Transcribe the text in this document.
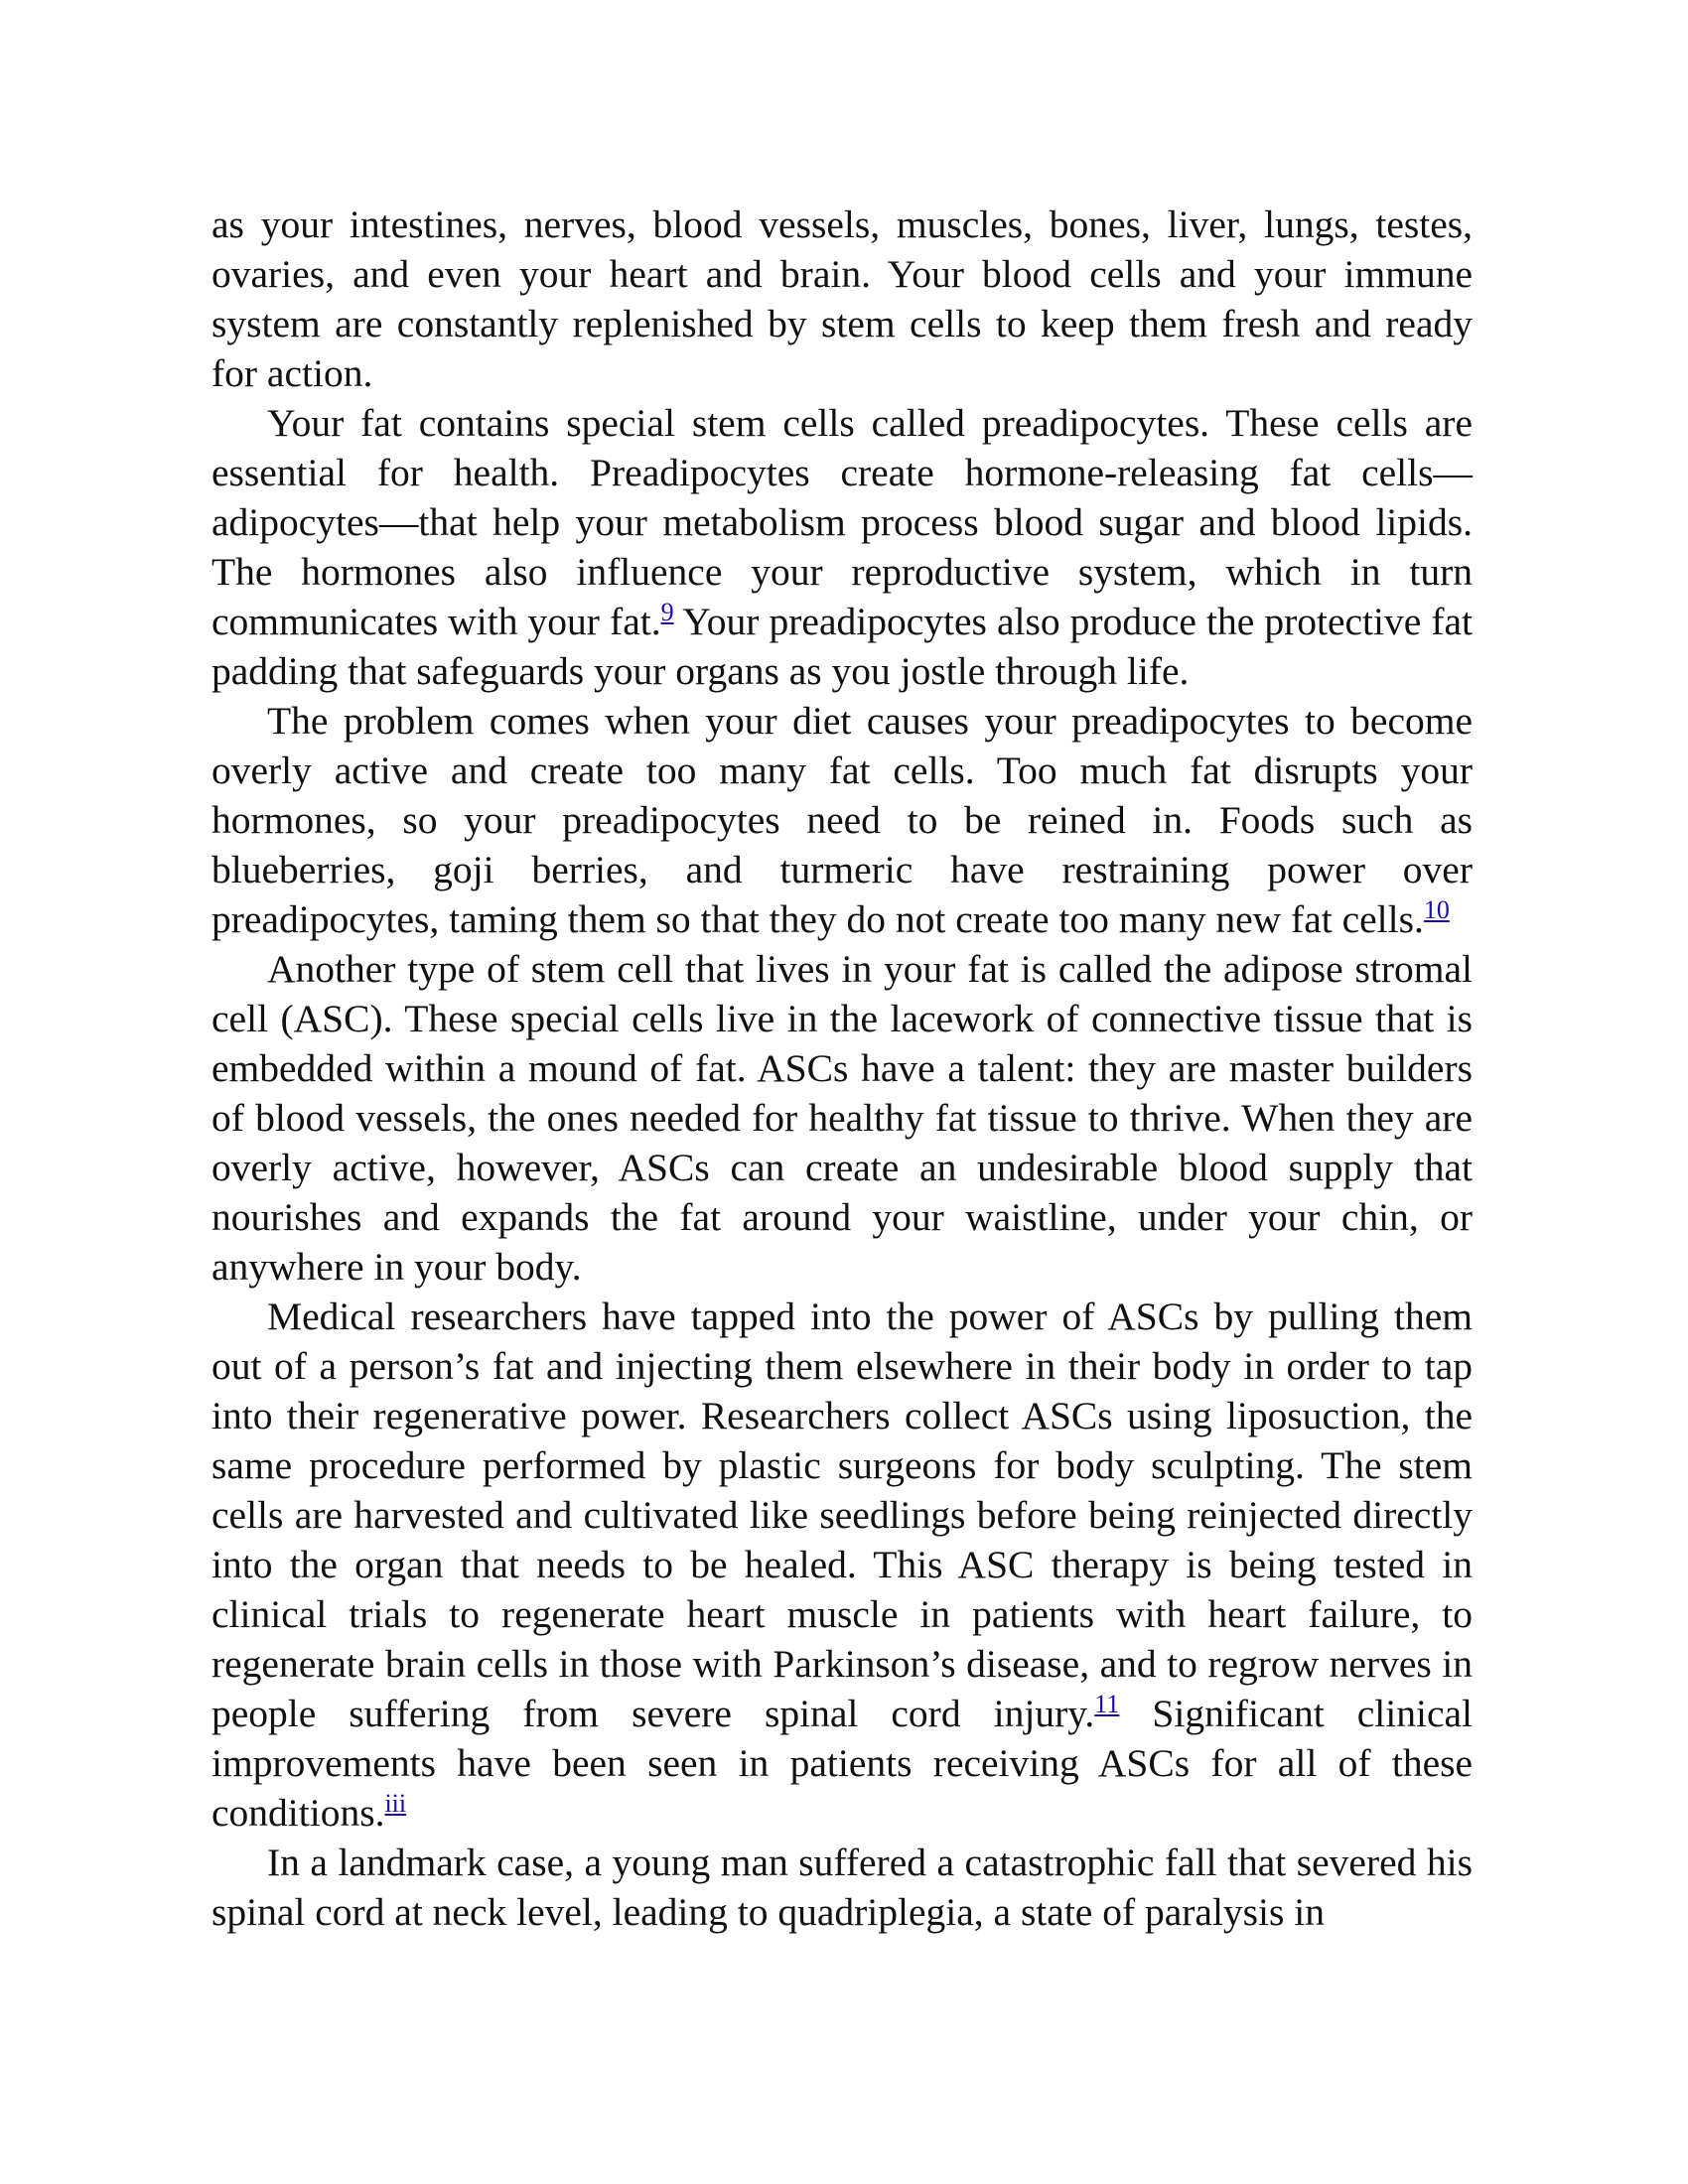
as your intestines, nerves, blood vessels, muscles, bones, liver, lungs, testes, ovaries, and even your heart and brain. Your blood cells and your immune system are constantly replenished by stem cells to keep them fresh and ready for action.

Your fat contains special stem cells called preadipocytes. These cells are essential for health. Preadipocytes create hormone-releasing fat cells—adipocytes—that help your metabolism process blood sugar and blood lipids. The hormones also influence your reproductive system, which in turn communicates with your fat.$^9$ Your preadipocytes also produce the protective fat padding that safeguards your organs as you jostle through life.

The problem comes when your diet causes your preadipocytes to become overly active and create too many fat cells. Too much fat disrupts your hormones, so your preadipocytes need to be reined in. Foods such as blueberries, goji berries, and turmeric have restraining power over preadipocytes, taming them so that they do not create too many new fat cells.$^{10}$

Another type of stem cell that lives in your fat is called the adipose stromal cell (ASC). These special cells live in the lacework of connective tissue that is embedded within a mound of fat. ASCs have a talent: they are master builders of blood vessels, the ones needed for healthy fat tissue to thrive. When they are overly active, however, ASCs can create an undesirable blood supply that nourishes and expands the fat around your waistline, under your chin, or anywhere in your body.

Medical researchers have tapped into the power of ASCs by pulling them out of a person’s fat and injecting them elsewhere in their body in order to tap into their regenerative power. Researchers collect ASCs using liposuction, the same procedure performed by plastic surgeons for body sculpting. The stem cells are harvested and cultivated like seedlings before being reinjected directly into the organ that needs to be healed. This ASC therapy is being tested in clinical trials to regenerate heart muscle in patients with heart failure, to regenerate brain cells in those with Parkinson’s disease, and to regrow nerves in people suffering from severe spinal cord injury.$^{11}$ Significant clinical improvements have been seen in patients receiving ASCs for all of these conditions.$^{iii}$

In a landmark case, a young man suffered a catastrophic fall that severed his spinal cord at neck level, leading to quadriplegia, a state of paralysis in
